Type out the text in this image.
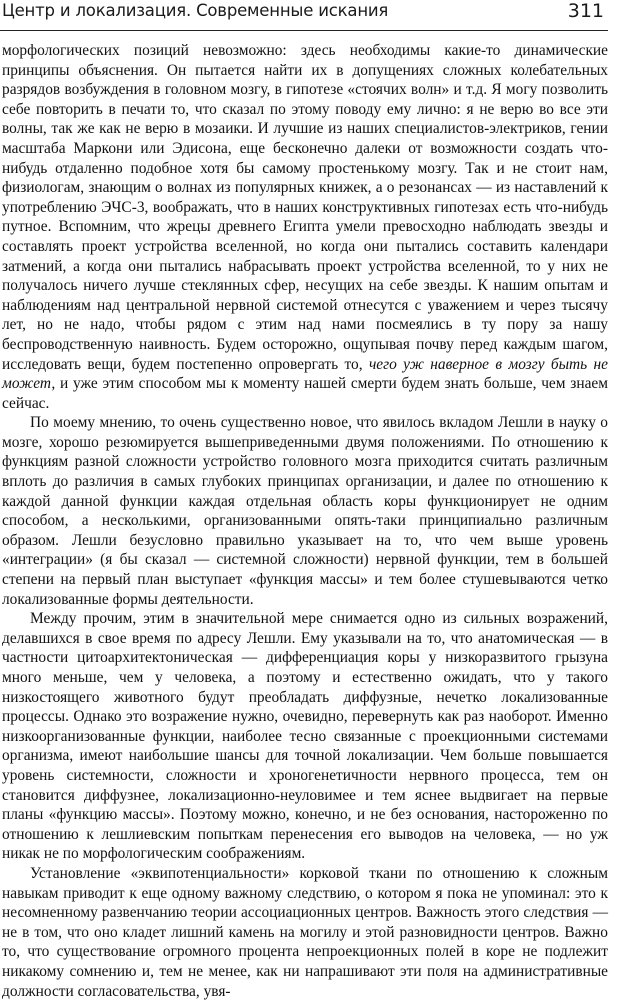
Центр и локализация. Современные искания	311

морфологических позиций невозможно: здесь необходимы какие-то динамические принципы объяснения. Он пытается найти их в допущениях сложных колебательных разрядов возбуждения в головном мозгу, в гипотезе «стоячих волн» и т.д. Я могу позволить себе повторить в печати то, что сказал по этому поводу ему лично: я не верю во все эти волны, так же как не верю в мозаики. И лучшие из наших специалистов-электриков, гении масштаба Маркони или Эдисона, еще бесконечно далеки от возможности создать что-нибудь отдаленно подобное хотя бы самому простенькому мозгу. Так и не стоит нам, физиологам, знающим о волнах из популярных книжек, а о резонансах — из наставлений к употреблению ЭЧС-3, воображать, что в наших конструктивных гипотезах есть что-нибудь путное. Вспомним, что жрецы древнего Египта умели превосходно наблюдать звезды и составлять проект устройства вселенной, но когда они пытались составить календари затмений, а когда они пытались набрасывать проект устройства вселенной, то у них не получалось ничего лучше стеклянных сфер, несущих на себе звезды. К нашим опытам и наблюдениям над центральной нервной системой отнесутся с уважением и через тысячу лет, но не надо, чтобы рядом с этим над нами посмеялись в ту пору за нашу беспроводственную наивность. Будем осторожно, ощупывая почву перед каждым шагом, исследовать вещи, будем постепенно опровергать то, чего уж наверное в мозгу быть не может, и уже этим способом мы к моменту нашей смерти будем знать больше, чем знаем сейчас.

По моему мнению, то очень существенно новое, что явилось вкладом Лешли в науку о мозге, хорошо резюмируется вышеприведенными двумя положениями. По отношению к функциям разной сложности устройство головного мозга приходится считать различным вплоть до различия в самых глубоких принципах организации, и далее по отношению к каждой данной функции каждая отдельная область коры функционирует не одним способом, а несколькими, организованными опять-таки принципиально различным образом. Лешли безусловно правильно указывает на то, что чем выше уровень «интеграции» (я бы сказал — системной сложности) нервной функции, тем в большей степени на первый план выступает «функция массы» и тем более стушевываются четко локализованные формы деятельности.

Между прочим, этим в значительной мере снимается одно из сильных возражений, делавшихся в свое время по адресу Лешли. Ему указывали на то, что анатомическая — в частности цитоархитектоническая — дифференциация коры у низкоразвитого грызуна много меньше, чем у человека, а поэтому и естественно ожидать, что у такого низкостоящего животного будут преобладать диффузные, нечетко локализованные процессы. Однако это возражение нужно, очевидно, перевернуть как раз наоборот. Именно низкоорганизованные функции, наиболее тесно связанные с проекционными системами организма, имеют наибольшие шансы для точной локализации. Чем больше повышается уровень системности, сложности и хроногенетичности нервного процесса, тем он становится диффузнее, локализационно-неуловимее и тем яснее выдвигает на первые планы «функцию массы». Поэтому можно, конечно, и не без основания, настороженно по отношению к лешлиевским попыткам перенесения его выводов на человека, — но уж никак не по морфологическим соображениям.

Установление «эквипотенциальности» корковой ткани по отношению к сложным навыкам приводит к еще одному важному следствию, о котором я пока не упоминал: это к несомненному развенчанию теории ассоциационных центров. Важность этого следствия — не в том, что оно кладет лишний камень на могилу и этой разновидности центров. Важно то, что существование огромного процента непроекционных полей в коре не подлежит никакому сомнению и, тем не менее, как ни напрашивают эти поля на административные должности согласовательства, увя-
